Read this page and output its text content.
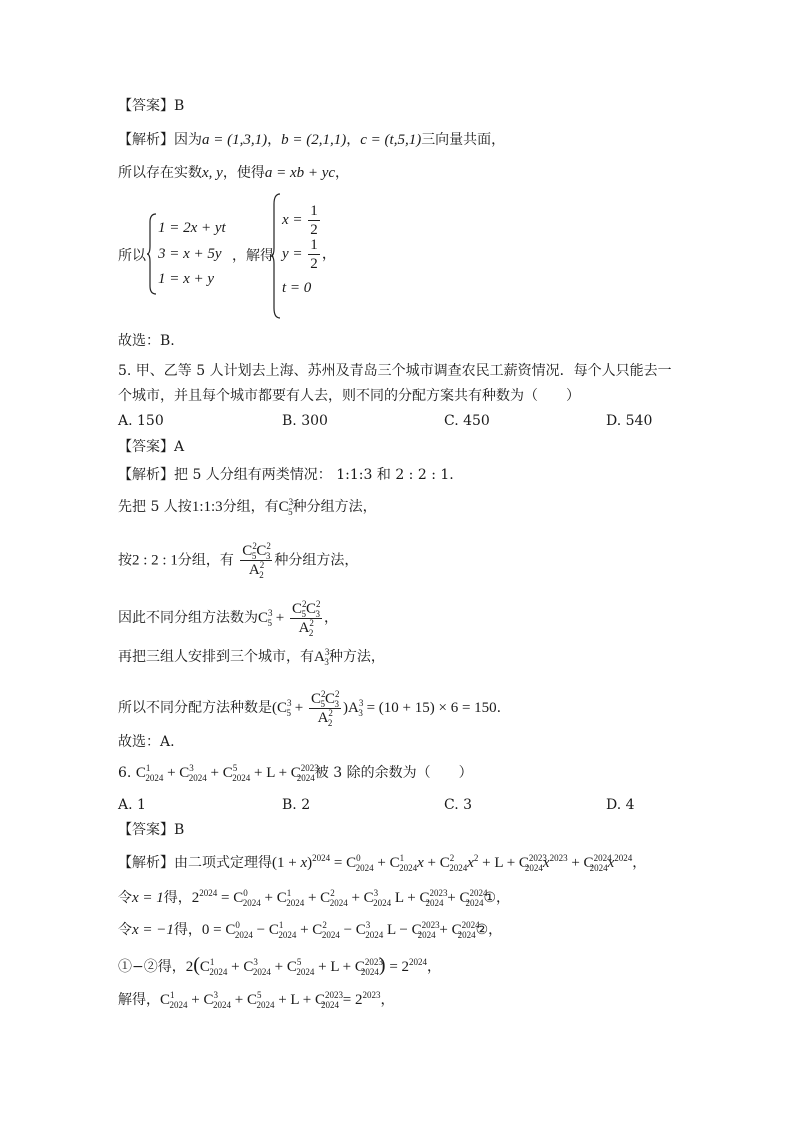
【答案】B
【解析】因为a = (1,3,1)，b = (2,1,1)，c = (t,5,1)三向量共面，
所以存在实数x, y，使得a = xb + yc，
所以
1 = 2x + yt
3 = x + 5y
1 = x + y
，解得
$x = \frac{1}{2}$
$y = \frac{1}{2}$ ，
t = 0
故选：B.
5. 甲、乙等 5 人计划去上海、苏州及青岛三个城市调查农民工薪资情况．每个人只能去一
个城市，并且每个城市都要有人去，则不同的分配方案共有种数为（　　）
A. 150	B. 300	C. 450	D. 540
【答案】A
【解析】把 5 人分组有两类情况： 1:1:3 和 2 : 2 : 1.
先把 5 人按1:1:3分组，有$C^3_5$种分组方法，
按2 : 2 : 1分组，有 $\frac{C^2_5C^2_3}{A^2_2}$ 种分组方法，
因此不同分组方法数为$C^3_5 + \frac{C^2_5C^2_3}{A^2_2}$ ，
再把三组人安排到三个城市，有$A^3_3$种方法，
所以不同分配方法种数是$(C^3_5 + \frac{C^2_5C^2_3}{A^2_2} )A^3_3 = (10 + 15) \times 6 = 150$.
故选：A.
6. $C^1_{2024} + C^3_{2024} + C^5_{2024} + L + C^{2023}_{2024}$被 3 除的余数为（　　）
A. 1	B. 2	C. 3	D. 4
【答案】B
【解析】由二项式定理得$(1 + x)^{2024} = C^0_{2024} + C^1_{2024}x + C^2_{2024}x^2 + L + C^{2023}_{2024}x^{2023} + C^{2024}_{2024}x^{2024}$，
令x = 1得，$2^{2024} = C^0_{2024} + C^1_{2024} + C^2_{2024} + C^3_{2024}$ $L + C^{2023}_{2024}$ + $C^{2024}_{2024}①$，
令x = −1得，$0 = C^0_{2024} - C^1_{2024} + C^2_{2024} - C^3_{2024}$ $L - C^{2023}_{2024}$ + $C^{2024}_{2024}②$，
①−②得，$2(C^1_{2024} + C^3_{2024} + C^5_{2024} + L + C^{2023}_{2024}) = 2^{2024}$，
解得，$C^1_{2024} + C^3_{2024} + C^5_{2024} + L + C^{2023}_{2024} = 2^{2023}$，
